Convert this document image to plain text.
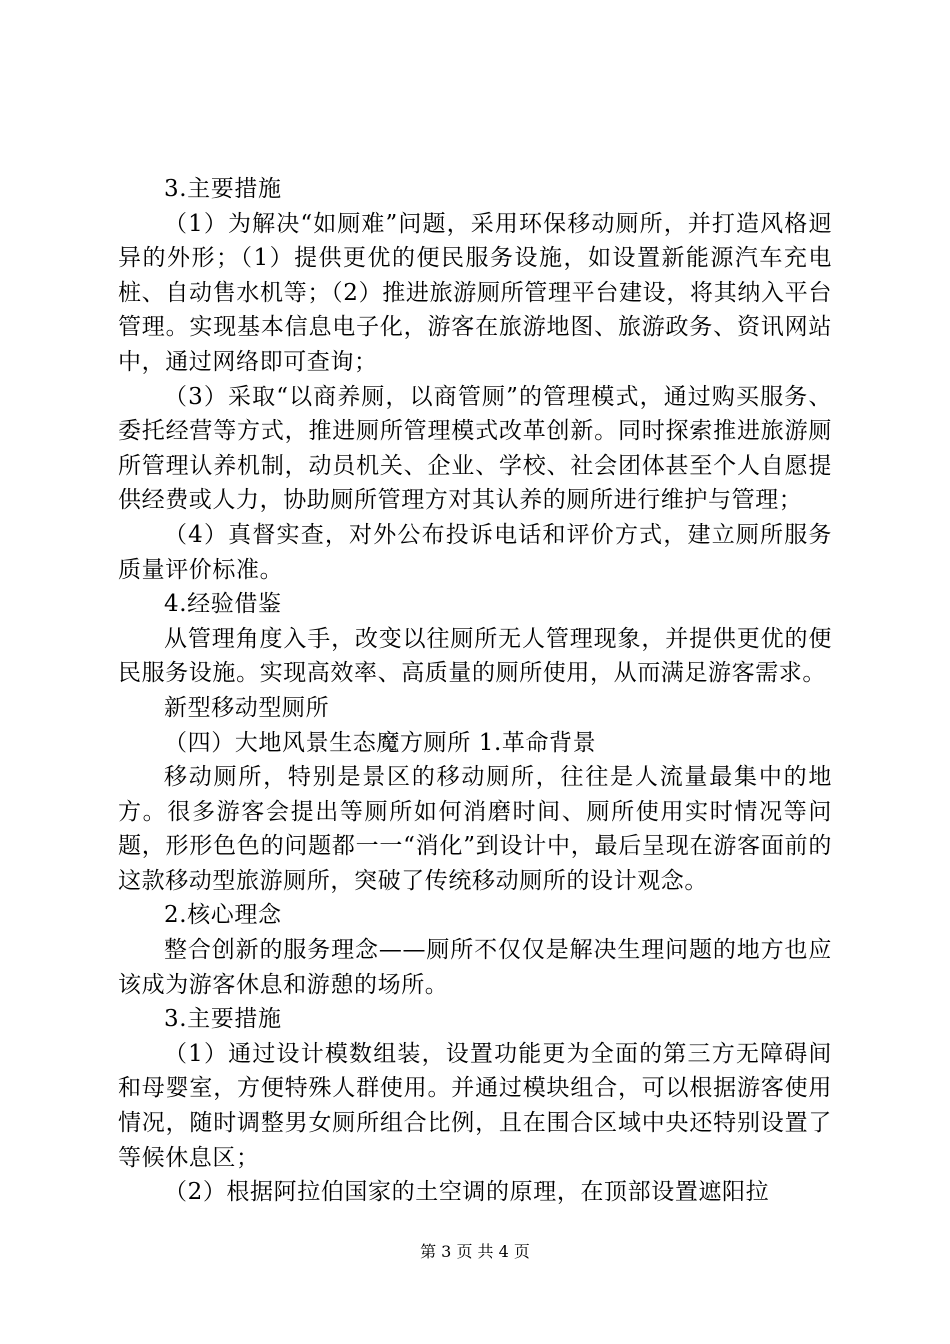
3.主要措施

（1）为解决“如厕难”问题，采用环保移动厕所，并打造风格迥异的外形；（1）提供更优的便民服务设施，如设置新能源汽车充电桩、自动售水机等；（2）推进旅游厕所管理平台建设，将其纳入平台管理。实现基本信息电子化，游客在旅游地图、旅游政务、资讯网站中，通过网络即可查询；

（3）采取“以商养厕，以商管厕”的管理模式，通过购买服务、委托经营等方式，推进厕所管理模式改革创新。同时探索推进旅游厕所管理认养机制，动员机关、企业、学校、社会团体甚至个人自愿提供经费或人力，协助厕所管理方对其认养的厕所进行维护与管理；

（4）真督实查，对外公布投诉电话和评价方式，建立厕所服务质量评价标准。

4.经验借鉴

从管理角度入手，改变以往厕所无人管理现象，并提供更优的便民服务设施。实现高效率、高质量的厕所使用，从而满足游客需求。

新型移动型厕所

（四）大地风景生态魔方厕所 1.革命背景

移动厕所，特别是景区的移动厕所，往往是人流量最集中的地方。很多游客会提出等厕所如何消磨时间、厕所使用实时情况等问题，形形色色的问题都一一“消化”到设计中，最后呈现在游客面前的这款移动型旅游厕所，突破了传统移动厕所的设计观念。

2.核心理念

整合创新的服务理念——厕所不仅仅是解决生理问题的地方也应该成为游客休息和游憩的场所。

3.主要措施

（1）通过设计模数组装，设置功能更为全面的第三方无障碍间和母婴室，方便特殊人群使用。并通过模块组合，可以根据游客使用情况，随时调整男女厕所组合比例，且在围合区域中央还特别设置了等候休息区；

（2）根据阿拉伯国家的土空调的原理，在顶部设置遮阳拉

第 3 页 共 4 页
